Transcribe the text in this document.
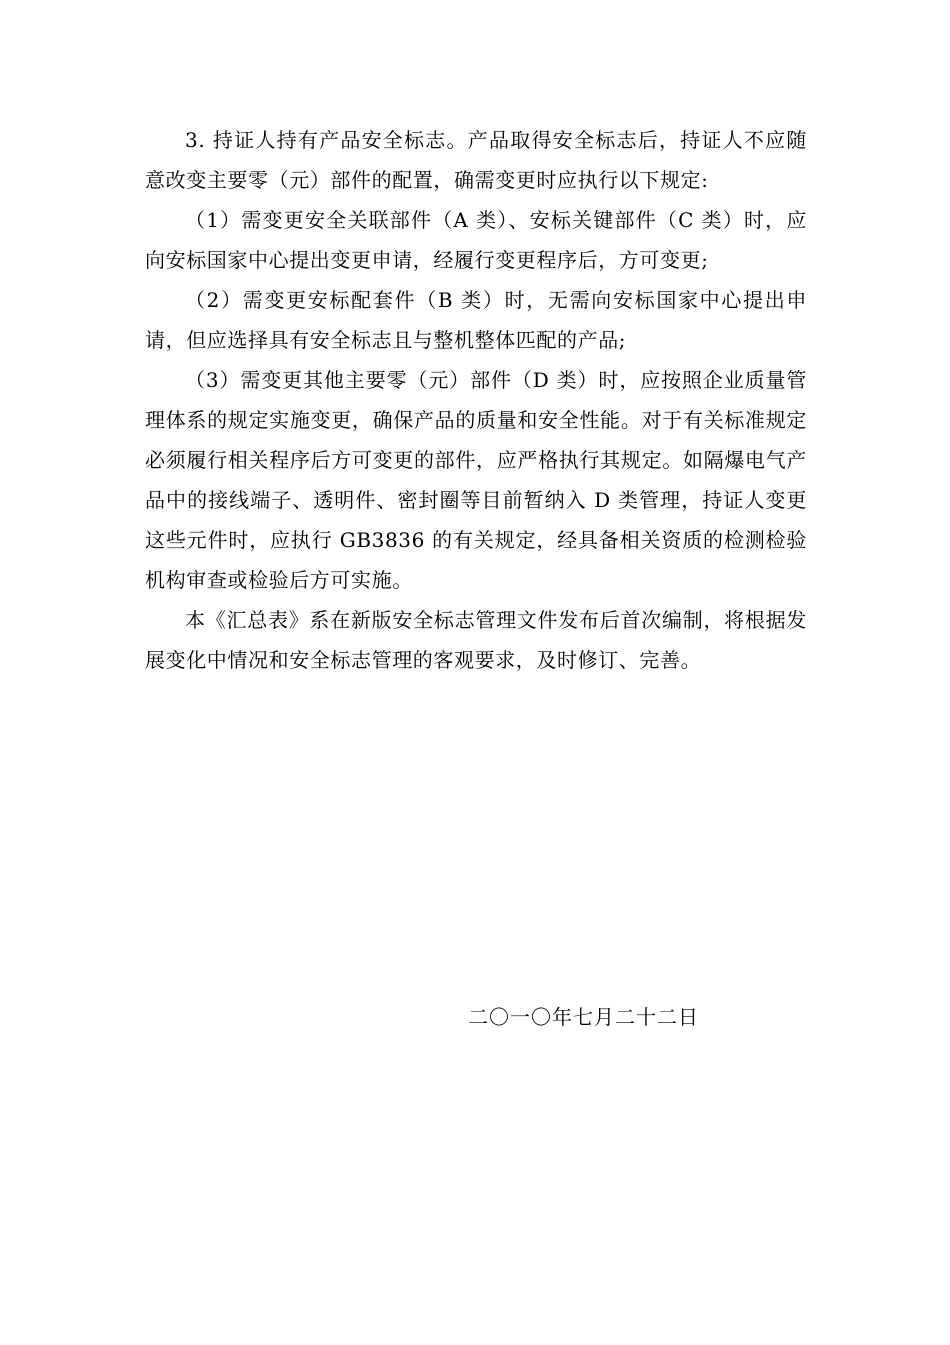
3. 持证人持有产品安全标志。产品取得安全标志后，持证人不应随意改变主要零（元）部件的配置，确需变更时应执行以下规定:

（1）需变更安全关联部件（A 类）、安标关键部件（C 类）时，应向安标国家中心提出变更申请，经履行变更程序后，方可变更;

（2）需变更安标配套件（B 类）时，无需向安标国家中心提出申请，但应选择具有安全标志且与整机整体匹配的产品;

（3）需变更其他主要零（元）部件（D 类）时，应按照企业质量管理体系的规定实施变更，确保产品的质量和安全性能。对于有关标准规定必须履行相关程序后方可变更的部件，应严格执行其规定。如隔爆电气产品中的接线端子、透明件、密封圈等目前暂纳入 D 类管理，持证人变更这些元件时，应执行 GB3836 的有关规定，经具备相关资质的检测检验机构审查或检验后方可实施。

本《汇总表》系在新版安全标志管理文件发布后首次编制，将根据发展变化中情况和安全标志管理的客观要求，及时修订、完善。

二〇一〇年七月二十二日
